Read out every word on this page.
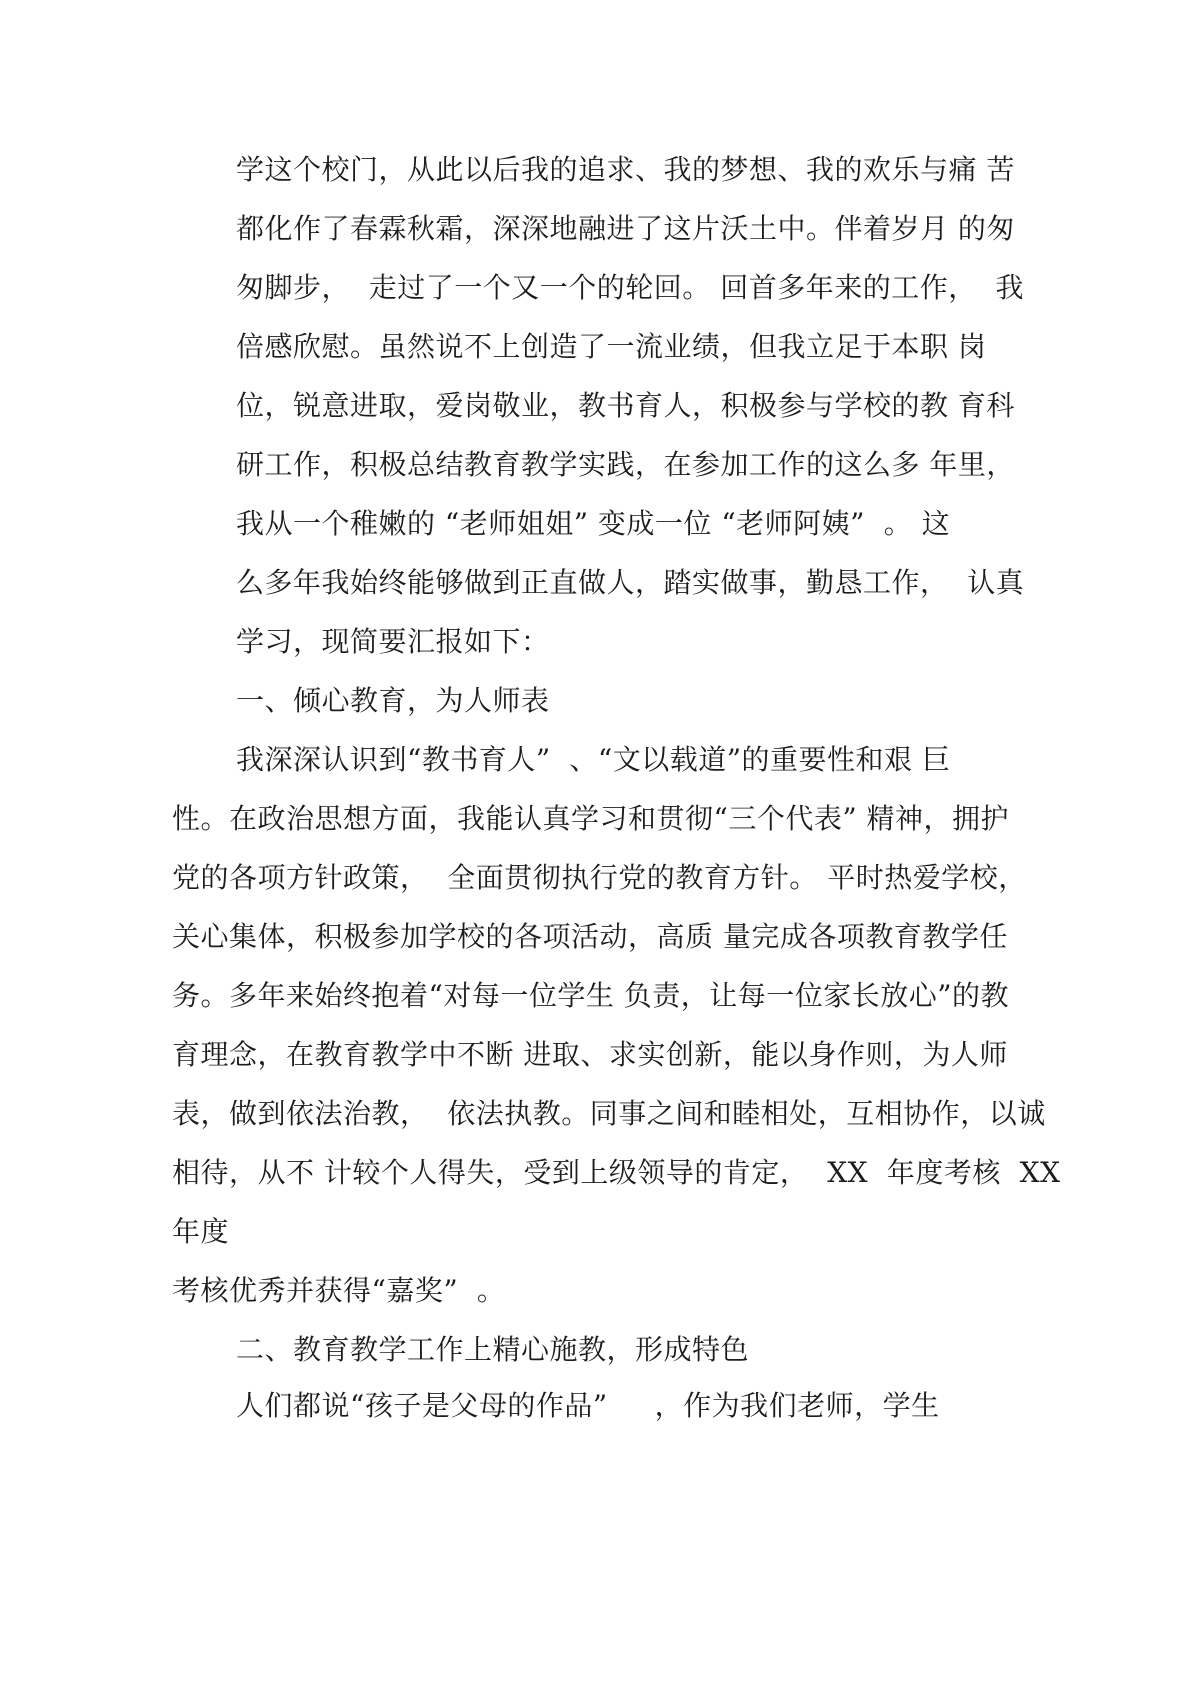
学这个校门，从此以后我的追求、我的梦想、我的欢乐与痛 苦
都化作了春霖秋霜，深深地融进了这片沃土中。伴着岁月 的匆
匆脚步，  走过了一个又一个的轮回。 回首多年来的工作，  我
倍感欣慰。虽然说不上创造了一流业绩，但我立足于本职 岗
位，锐意进取，爱岗敬业，教书育人，积极参与学校的教 育科
研工作，积极总结教育教学实践，在参加工作的这么多 年里，
我从一个稚嫩的 “老师姐姐” 变成一位 “老师阿姨”  。 这
么多年我始终能够做到正直做人，踏实做事，勤恳工作，  认真
学习，现简要汇报如下：
一、倾心教育，为人师表
我深深认识到“教书育人”  、“文以载道”的重要性和艰 巨
性。在政治思想方面，我能认真学习和贯彻“三个代表” 精神，拥护
党的各项方针政策，  全面贯彻执行党的教育方针。 平时热爱学校，
关心集体，积极参加学校的各项活动，高质 量完成各项教育教学任
务。多年来始终抱着“对每一位学生 负责，让每一位家长放心”的教
育理念，在教育教学中不断 进取、求实创新，能以身作则，为人师
表，做到依法治教，  依法执教。同事之间和睦相处，互相协作，以诚
相待，从不 计较个人得失，受到上级领导的肯定，  XX  年度考核  XX
年度
考核优秀并获得“嘉奖”  。
二、教育教学工作上精心施教，形成特色
人们都说“孩子是父母的作品”     ，作为我们老师，学生
